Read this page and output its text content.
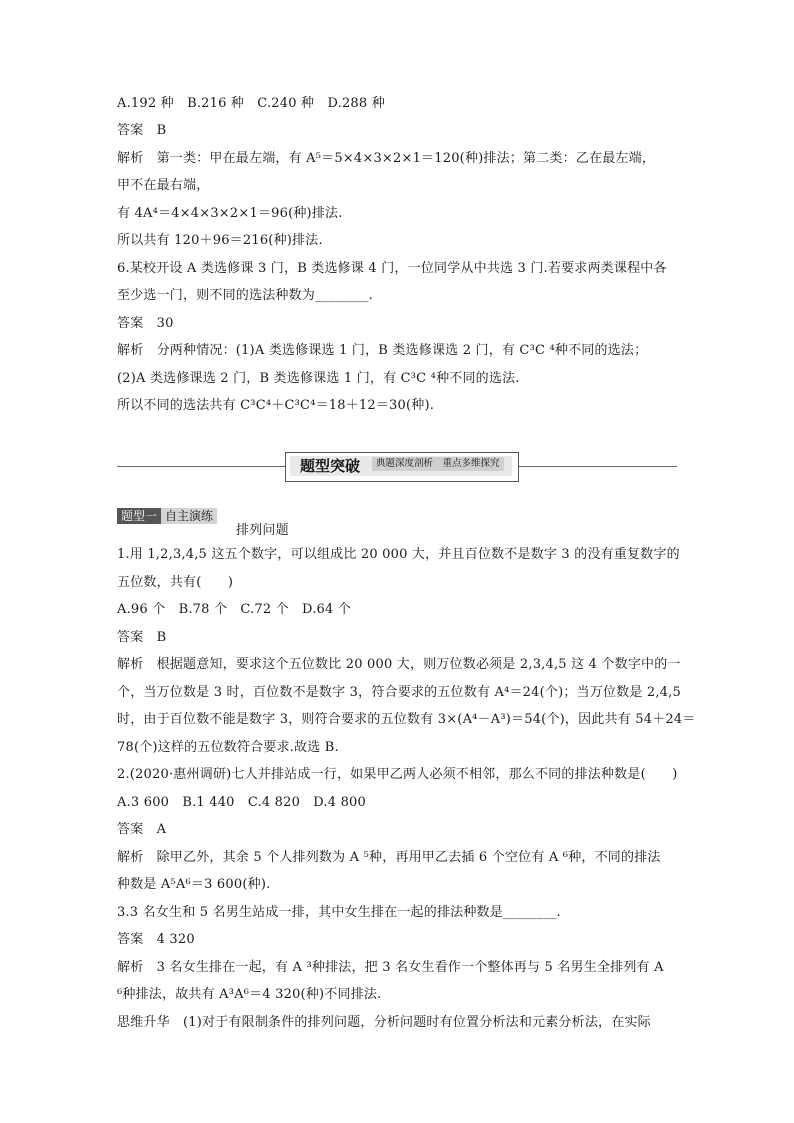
A.192 种　B.216 种　C.240 种　D.288 种
答案　B
解析　第一类：甲在最左端，有 A⁵＝5×4×3×2×1＝120(种)排法；第二类：乙在最左端，
甲不在最右端，
有 4A⁴＝4×4×3×2×1＝96(种)排法.
所以共有 120＋96＝216(种)排法.
6.某校开设 A 类选修课 3 门，B 类选修课 4 门，一位同学从中共选 3 门.若要求两类课程中各
至少选一门，则不同的选法种数为________.
答案　30
解析　分两种情况：(1)A 类选修课选 1 门，B 类选修课选 2 门，有 C³C ⁴种不同的选法；
(2)A 类选修课选 2 门，B 类选修课选 1 门，有 C³C ⁴种不同的选法.
所以不同的选法共有 C³C⁴＋C³C⁴＝18＋12＝30(种).
题型突破	典题深度剖析　重点多维探究
题型一 自主演练
排列问题
1.用 1,2,3,4,5 这五个数字，可以组成比 20 000 大，并且百位数不是数字 3 的没有重复数字的
五位数，共有(　　)
A.96 个　B.78 个　C.72 个　D.64 个
答案　B
解析　根据题意知，要求这个五位数比 20 000 大，则万位数必须是 2,3,4,5 这 4 个数字中的一
个，当万位数是 3 时，百位数不是数字 3，符合要求的五位数有 A⁴＝24(个)；当万位数是 2,4,5
时，由于百位数不能是数字 3，则符合要求的五位数有 3×(A⁴－A³)＝54(个)，因此共有 54＋24＝
78(个)这样的五位数符合要求.故选 B.
2.(2020·惠州调研)七人并排站成一行，如果甲乙两人必须不相邻，那么不同的排法种数是(　　)
A.3 600　B.1 440　C.4 820　D.4 800
答案　A
解析　除甲乙外，其余 5 个人排列数为 A ⁵种，再用甲乙去插 6 个空位有 A ⁶种，不同的排法
种数是 A⁵A⁶＝3 600(种).
3.3 名女生和 5 名男生站成一排，其中女生排在一起的排法种数是________.
答案　4 320
解析　3 名女生排在一起，有 A ³种排法，把 3 名女生看作一个整体再与 5 名男生全排列有 A
⁶种排法，故共有 A³A⁶＝4 320(种)不同排法.
思维升华　(1)对于有限制条件的排列问题，分析问题时有位置分析法和元素分析法，在实际
